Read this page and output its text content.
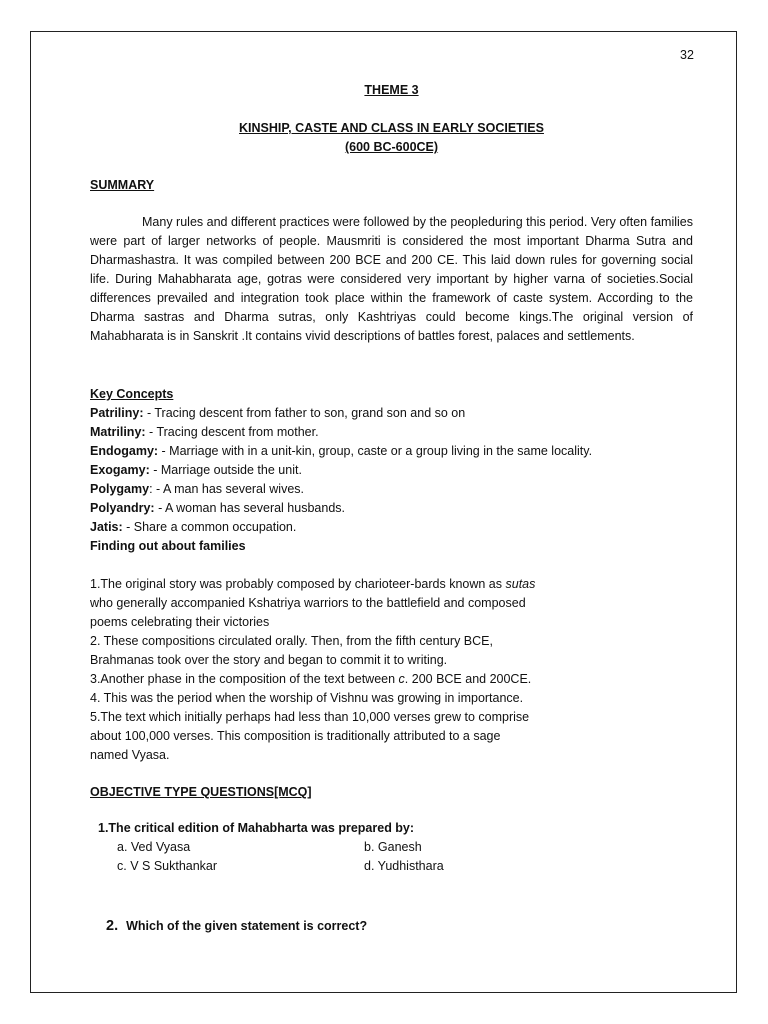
32
THEME 3
KINSHIP, CASTE AND CLASS IN EARLY SOCIETIES
(600 BC-600CE)
SUMMARY

Many rules and different practices were followed by the peopleduring this period. Very often families were part of larger networks of people. Mausmriti is considered the most important Dharma Sutra and Dharmashastra. It was compiled between 200 BCE and 200 CE. This laid down rules for governing social life. During Mahabharata age, gotras were considered very important by higher varna of societies.Social differences prevailed and integration took place within the framework of caste system. According to the Dharma sastras and Dharma sutras, only Kashtriyas could become kings.The original version of Mahabharata is in Sanskrit .It contains vivid descriptions of battles forest, palaces and settlements.

Key Concepts
Patriliny: - Tracing descent from father to son, grand son and so on
Matriliny: - Tracing descent from mother.
Endogamy: - Marriage with in a unit-kin, group, caste or a group living in the same locality.
Exogamy: - Marriage outside the unit.
Polygamy: - A man has several wives.
Polyandry: - A woman has several husbands.
Jatis: - Share a common occupation.
Finding out about families
1.The original story was probably composed by charioteer-bards known as sutas
who generally accompanied Kshatriya warriors to the battlefield and composed
poems celebrating their victories
2. These compositions circulated orally. Then, from the fifth century BCE,
Brahmanas took over the story and began to commit it to writing.
3.Another phase in the composition of the text between c. 200 BCE and 200CE.
4. This was the period when the worship of Vishnu was growing in importance.
5.The text which initially perhaps had less than 10,000 verses grew to comprise
about 100,000 verses. This composition is traditionally attributed to a sage
named Vyasa.
OBJECTIVE TYPE QUESTIONS[MCQ]
1.The critical edition of Mahabharta was prepared by:
a. Ved Vyasa	b. Ganesh
c. V S Sukthankar	d. Yudhisthara
2. Which of the given statement is correct?
